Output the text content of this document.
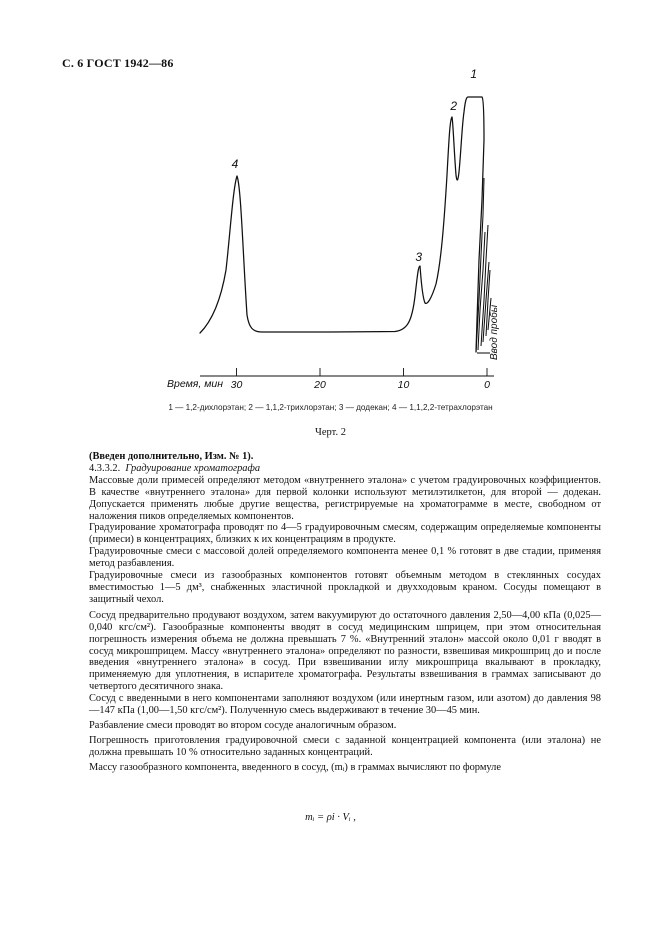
С. 6 ГОСТ 1942—86
30	20	10	0
1
2
3
4
Время, мин
Ввод пробы
1 — 1,2-дихлорэтан; 2 — 1,1,2-трихлорэтан; 3 — додекан; 4 — 1,1,2,2-тетрахлорэтан
Черт. 2

(Введен дополнительно, Изм. № 1).

4.3.3.2. Градуирование хроматографа

Массовые доли примесей определяют методом «внутреннего эталона» с учетом градуировочных коэффициентов. В качестве «внутреннего эталона» для первой колонки используют метилэтилкетон, для второй — додекан. Допускается применять любые другие вещества, регистрируемые на хроматограмме в месте, свободном от наложения пиков определяемых компонентов.

Градуирование хроматографа проводят по 4—5 градуировочным смесям, содержащим определяемые компоненты (примеси) в концентрациях, близких к их концентрациям в продукте.

Градуировочные смеси с массовой долей определяемого компонента менее 0,1 % готовят в две стадии, применяя метод разбавления.

Градуировочные смеси из газообразных компонентов готовят объемным методом в стеклянных сосудах вместимостью 1—5 дм³, снабженных эластичной прокладкой и двухходовым краном. Сосуды помещают в защитный чехол.

Сосуд предварительно продувают воздухом, затем вакуумируют до остаточного давления 2,50—4,00 кПа (0,025—0,040 кгс/см²). Газообразные компоненты вводят в сосуд медицинским шприцем, при этом относительная погрешность измерения объема не должна превышать 7 %. «Внутренний эталон» массой около 0,01 г вводят в сосуд микрошприцем. Массу «внутреннего эталона» определяют по разности, взвешивая микрошприц до и после введения «внутреннего эталона» в сосуд. При взвешивании иглу микрошприца вкалывают в прокладку, применяемую для уплотнения, в испарителе хроматографа. Результаты взвешивания в граммах записывают до четвертого десятичного знака.

Сосуд с введенными в него компонентами заполняют воздухом (или инертным газом, или азотом) до давления 98—147 кПа (1,00—1,50 кгс/см²). Полученную смесь выдерживают в течение 30—45 мин.

Разбавление смеси проводят во втором сосуде аналогичным образом.

Погрешность приготовления градуировочной смеси с заданной концентрацией компонента (или эталона) не должна превышать 10 % относительно заданных концентраций.

Массу газообразного компонента, введенного в сосуд, (mᵢ) в граммах вычисляют по формуле

mᵢ = ρi · Vᵢ ,
